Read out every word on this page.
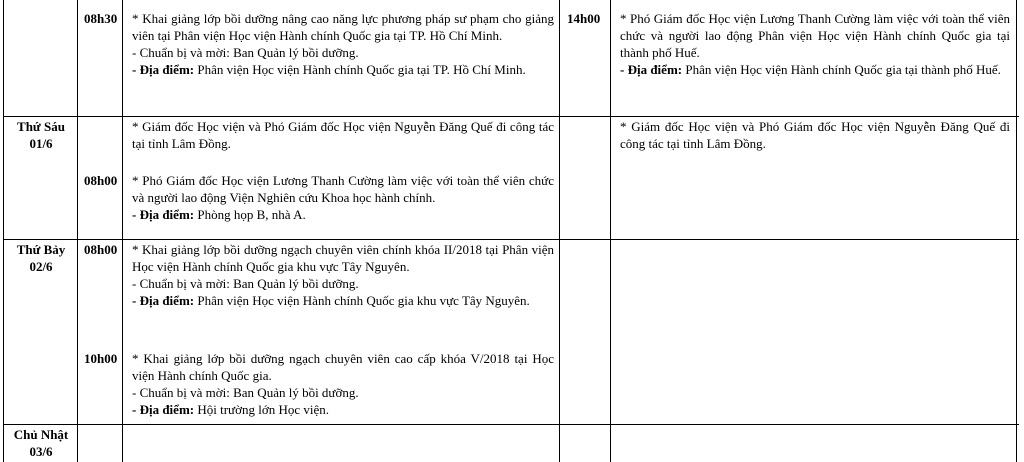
08h30 * Khai giảng lớp bồi dưỡng nâng cao năng lực phương pháp sư phạm cho giảng viên tại Phân viện Học viện Hành chính Quốc gia tại TP. Hồ Chí Minh.

- Chuẩn bị và mời: Ban Quản lý bồi dưỡng.

- Địa điểm: Phân viện Học viện Hành chính Quốc gia tại TP. Hồ Chí Minh.

14h00 * Phó Giám đốc Học viện Lương Thanh Cường làm việc với toàn thể viên chức và người lao động Phân viện Học viện Hành chính Quốc gia tại thành phố Huế.

- Địa điểm: Phân viện Học viện Hành chính Quốc gia tại thành phố Huế.

Thứ Sáu
01/6

* Giám đốc Học viện và Phó Giám đốc Học viện Nguyễn Đăng Quế đi công tác tại tỉnh Lâm Đồng.

08h00 * Phó Giám đốc Học viện Lương Thanh Cường làm việc với toàn thể viên chức và người lao động Viện Nghiên cứu Khoa học hành chính.

- Địa điểm: Phòng họp B, nhà A.

* Giám đốc Học viện và Phó Giám đốc Học viện Nguyễn Đăng Quế đi công tác tại tỉnh Lâm Đồng.

Thứ Bảy
02/6
08h00 * Khai giảng lớp bồi dưỡng ngạch chuyên viên chính khóa II/2018 tại Phân viện Học viện Hành chính Quốc gia khu vực Tây Nguyên.

- Chuẩn bị và mời: Ban Quản lý bồi dưỡng.

- Địa điểm: Phân viện Học viện Hành chính Quốc gia khu vực Tây Nguyên.

10h00 * Khai giảng lớp bồi dưỡng ngạch chuyên viên cao cấp khóa V/2018 tại Học viện Hành chính Quốc gia.

- Chuẩn bị và mời: Ban Quản lý bồi dưỡng.

- Địa điểm: Hội trường lớn Học viện.

Chủ Nhật
03/6
